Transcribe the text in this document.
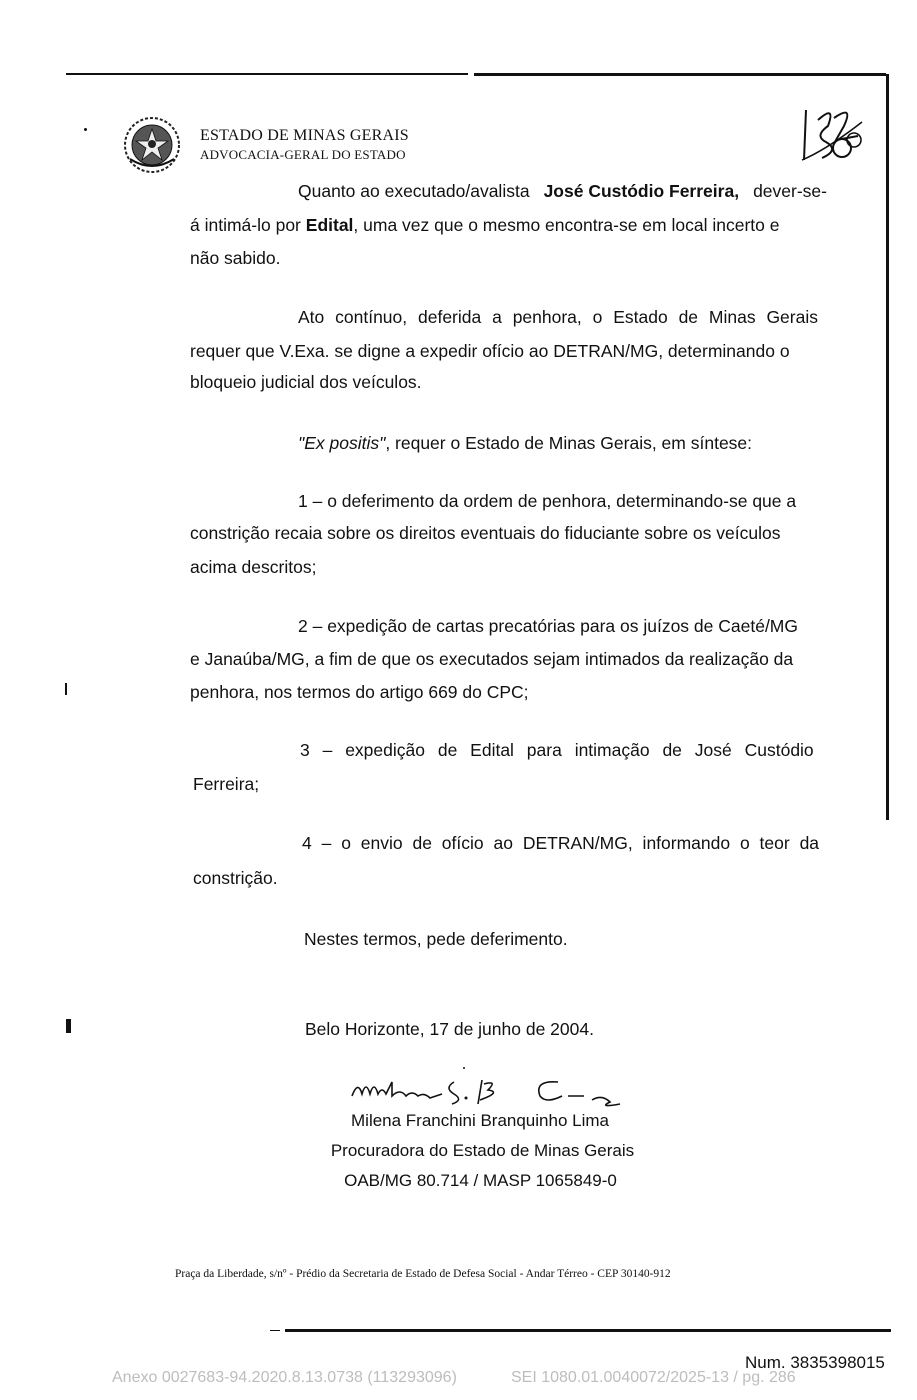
ESTADO DE MINAS GERAIS
ADVOCACIA-GERAL DO ESTADO
Quanto ao executado/avalista José Custódio Ferreira, dever-se-
á intimá-lo por Edital, uma vez que o mesmo encontra-se em local incerto e
não sabido.
Ato contínuo, deferida a penhora, o Estado de Minas Gerais
requer que V.Exa. se digne a expedir ofício ao DETRAN/MG, determinando o
bloqueio judicial dos veículos.
"Ex positis", requer o Estado de Minas Gerais, em síntese:
1 – o deferimento da ordem de penhora, determinando-se que a
constrição recaia sobre os direitos eventuais do fiduciante sobre os veículos
acima descritos;
2 – expedição de cartas precatórias para os juízos de Caeté/MG
e Janaúba/MG, a fim de que os executados sejam intimados da realização da
penhora, nos termos do artigo 669 do CPC;
3 – expedição de Edital para intimação de José Custódio
Ferreira;
4 – o envio de ofício ao DETRAN/MG, informando o teor da
constrição.
Nestes termos, pede deferimento.
Belo Horizonte, 17 de junho de 2004.
Milena Franchini Branquinho Lima
Procuradora do Estado de Minas Gerais
OAB/MG 80.714 / MASP 1065849-0
Praça da Liberdade, s/nº - Prédio da Secretaria de Estado de Defesa Social - Andar Térreo - CEP 30140-912
Num. 3835398015
Anexo 0027683-94.2020.8.13.0738 (113293096)	SEI 1080.01.0040072/2025-13 / pg. 286
